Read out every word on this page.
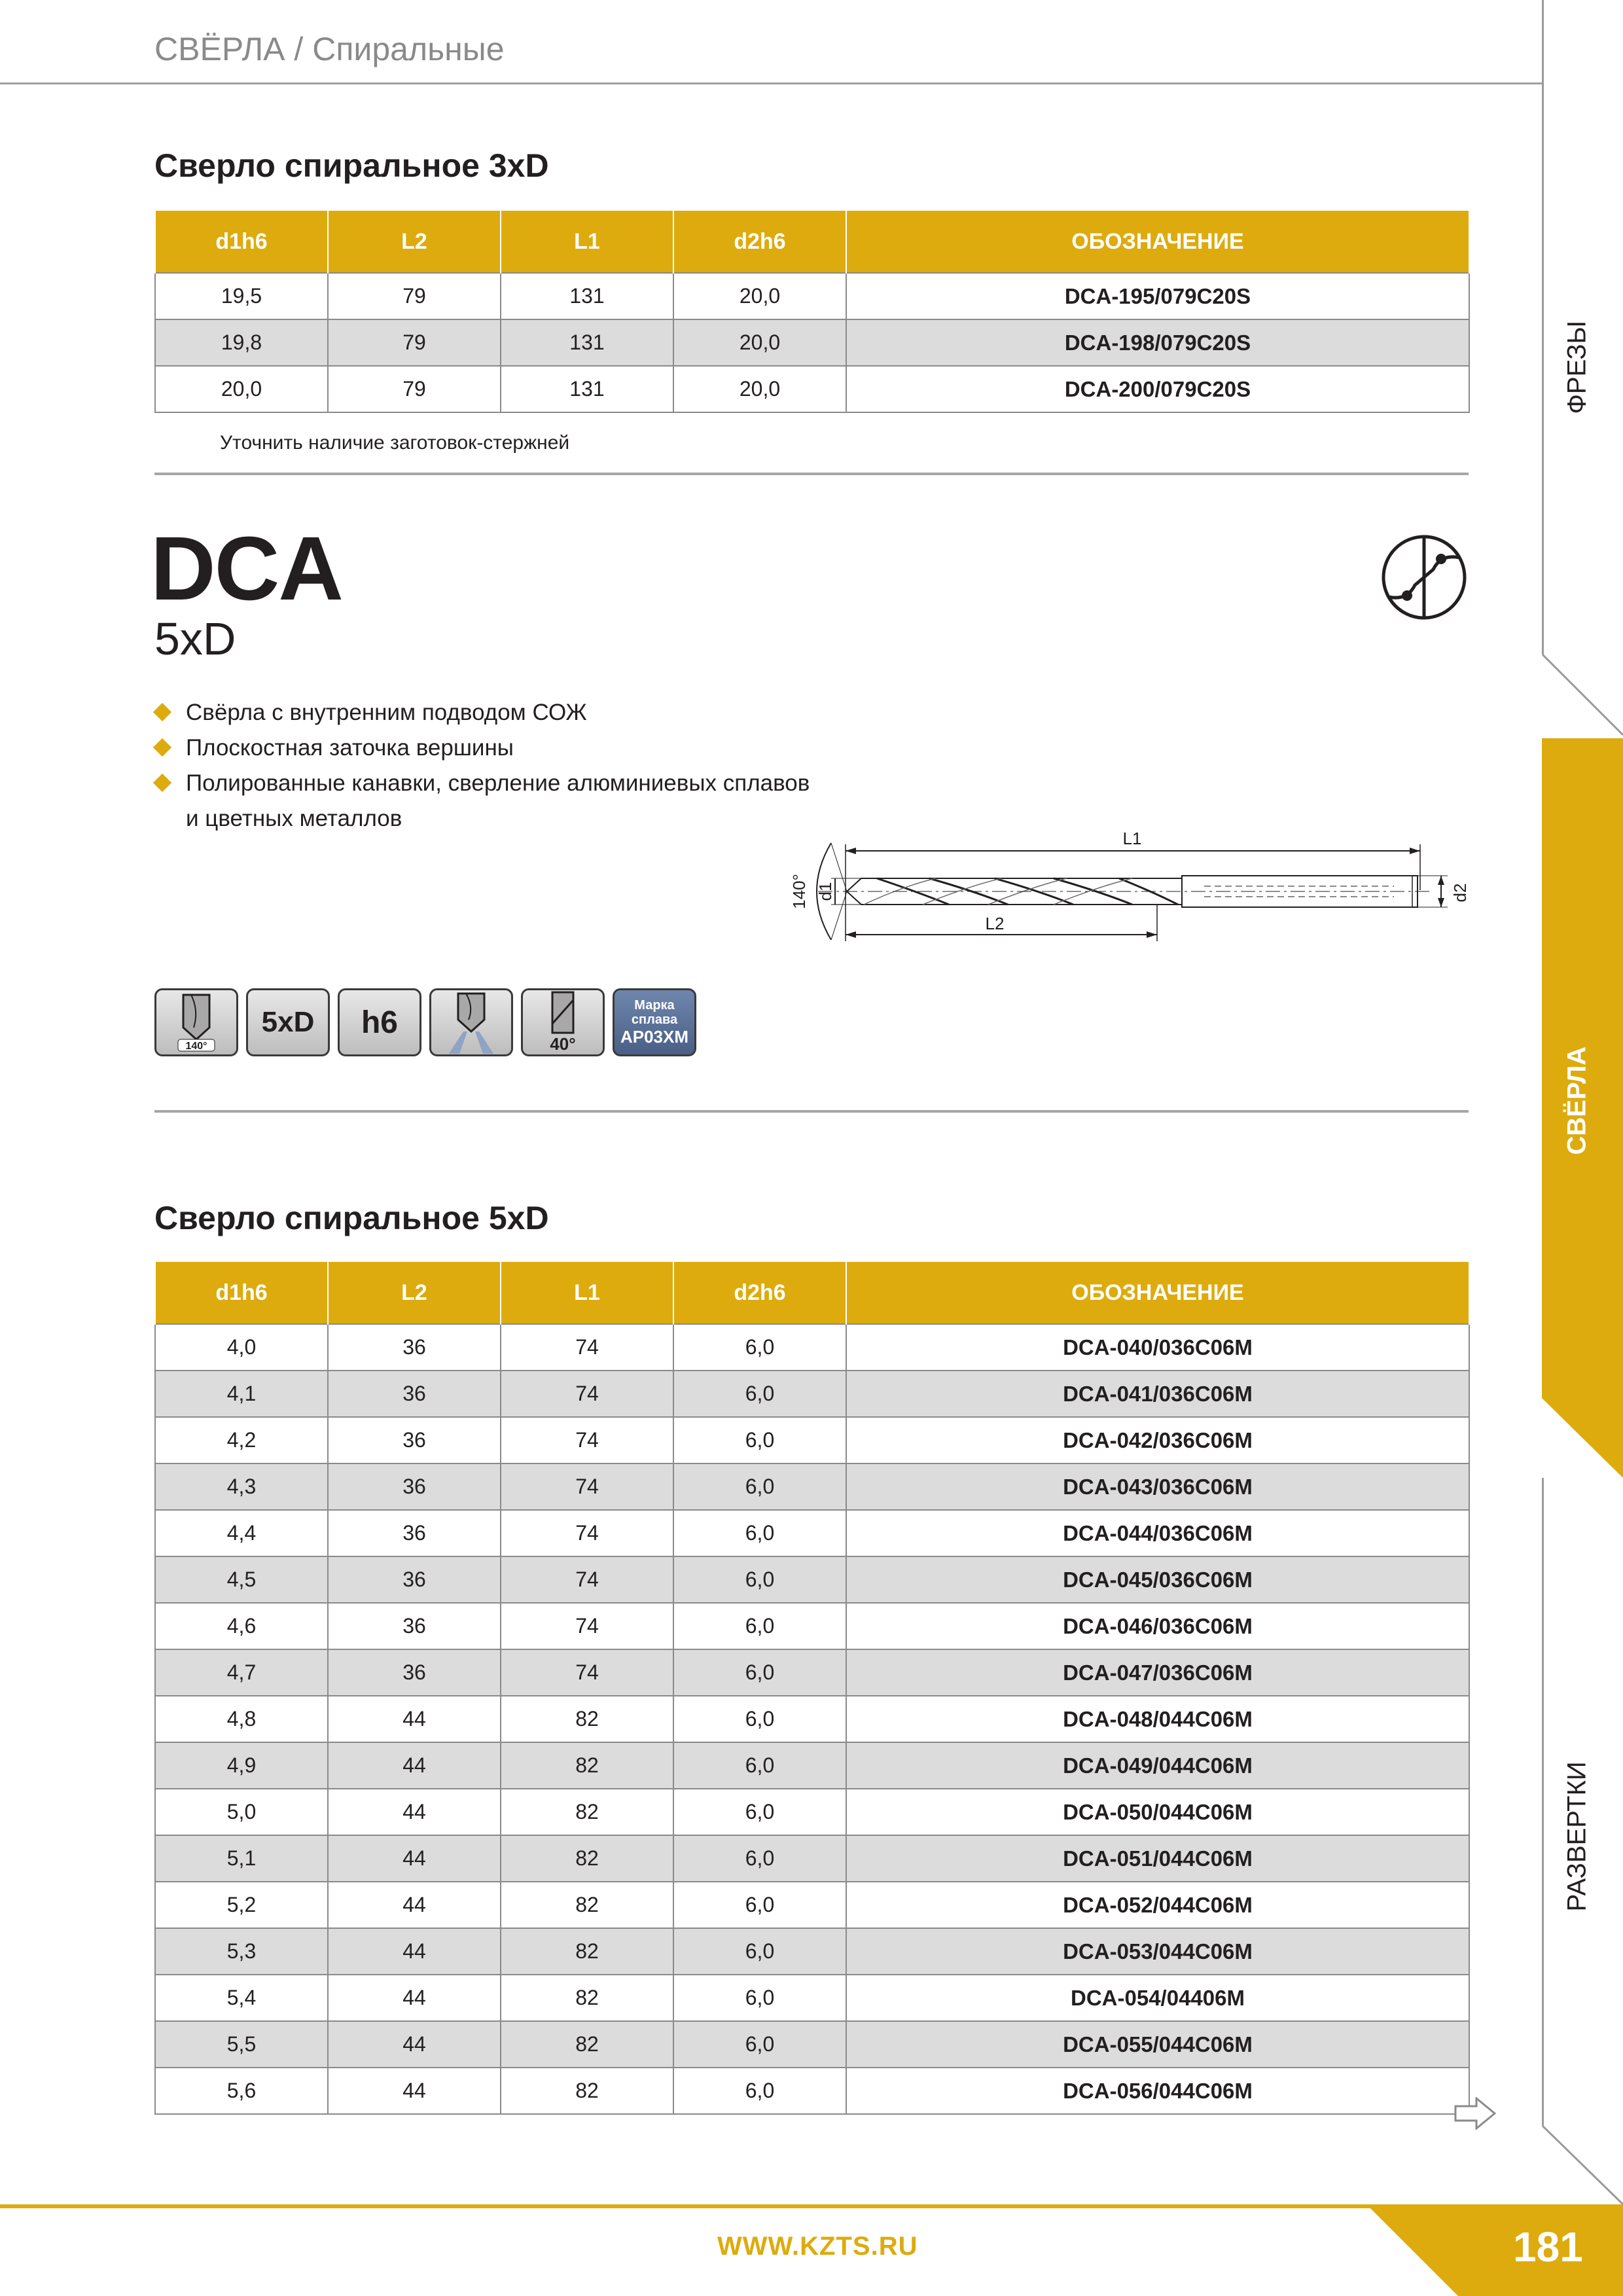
СВЁРЛА / Спиральные
ФРЕЗЫ
СВЁРЛА
РАЗВЕРТКИ
Сверло спиральное 3xD
d1h6	L2	L1	d2h6	ОБОЗНАЧЕНИЕ
19,5	79	131	20,0	DCA-195/079C20S
19,8	79	131	20,0	DCA-198/079C20S
20,0	79	131	20,0	DCA-200/079C20S
Уточнить наличие заготовок-стержней
DCA
5xD
Свёрла с внутренним подводом СОЖ
Плоскостная заточка вершины
Полированные канавки, сверление алюминиевых сплавов
и цветных металлов
L1
L2
d2
d1
140°
140°
5xD h6
40°
Марка
сплава
АР03ХМ
Сверло спиральное 5xD
d1h6	L2	L1	d2h6	ОБОЗНАЧЕНИЕ
4,0	36	74	6,0	DCA-040/036C06M
4,1	36	74	6,0	DCA-041/036C06M
4,2	36	74	6,0	DCA-042/036C06M
4,3	36	74	6,0	DCA-043/036C06M
4,4	36	74	6,0	DCA-044/036C06M
4,5	36	74	6,0	DCA-045/036C06M
4,6	36	74	6,0	DCA-046/036C06M
4,7	36	74	6,0	DCA-047/036C06M
4,8	44	82	6,0	DCA-048/044C06M
4,9	44	82	6,0	DCA-049/044C06M
5,0	44	82	6,0	DCA-050/044C06M
5,1	44	82	6,0	DCA-051/044C06M
5,2	44	82	6,0	DCA-052/044C06M
5,3	44	82	6,0	DCA-053/044C06M
5,4	44	82	6,0	DCA-054/04406M
5,5	44	82	6,0	DCA-055/044C06M
5,6	44	82	6,0	DCA-056/044C06M
WWW.KZTS.RU	181
